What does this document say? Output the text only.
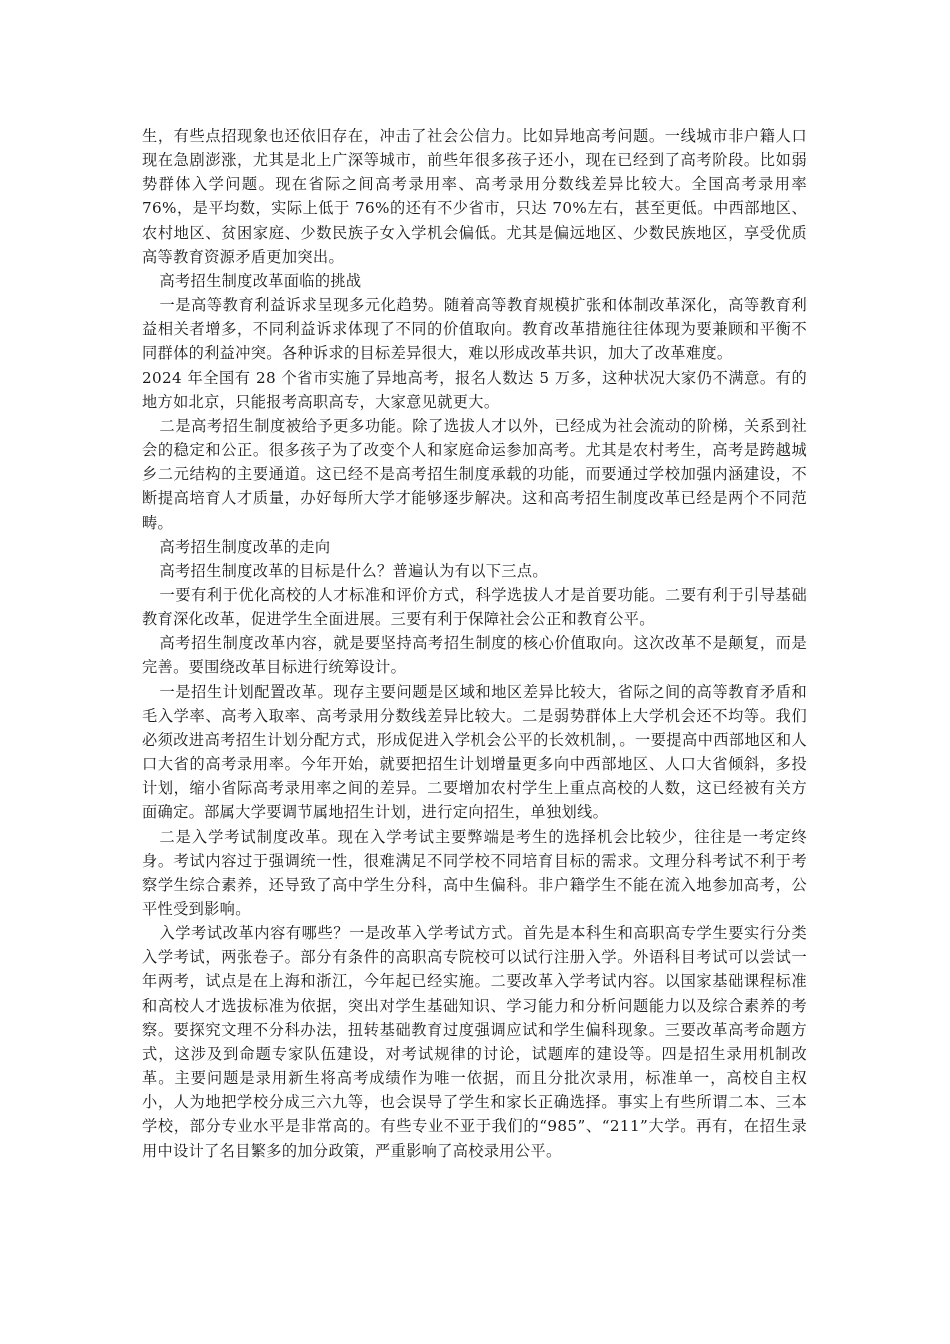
生，有些点招现象也还依旧存在，冲击了社会公信力。比如异地高考问题。一线城市非户籍人口现在急剧澎涨，尤其是北上广深等城市，前些年很多孩子还小，现在已经到了高考阶段。比如弱势群体入学问题。现在省际之间高考录用率、高考录用分数线差异比较大。全国高考录用率 76%，是平均数，实际上低于 76%的还有不少省市，只达 70%左右，甚至更低。中西部地区、农村地区、贫困家庭、少数民族子女入学机会偏低。尤其是偏远地区、少数民族地区，享受优质高等教育资源矛盾更加突出。

高考招生制度改革面临的挑战

一是高等教育利益诉求呈现多元化趋势。随着高等教育规模扩张和体制改革深化，高等教育利益相关者增多，不同利益诉求体现了不同的价值取向。教育改革措施往往体现为要兼顾和平衡不同群体的利益冲突。各种诉求的目标差异很大，难以形成改革共识，加大了改革难度。

2024 年全国有 28 个省市实施了异地高考，报名人数达 5 万多，这种状况大家仍不满意。有的地方如北京，只能报考高职高专，大家意见就更大。

二是高考招生制度被给予更多功能。除了选拔人才以外，已经成为社会流动的阶梯，关系到社会的稳定和公正。很多孩子为了改变个人和家庭命运参加高考。尤其是农村考生，高考是跨越城乡二元结构的主要通道。这已经不是高考招生制度承载的功能，而要通过学校加强内涵建设，不断提高培育人才质量，办好每所大学才能够逐步解决。这和高考招生制度改革已经是两个不同范畴。

高考招生制度改革的走向

高考招生制度改革的目标是什么？普遍认为有以下三点。

一要有利于优化高校的人才标准和评价方式，科学选拔人才是首要功能。二要有利于引导基础教育深化改革，促进学生全面进展。三要有利于保障社会公正和教育公平。

高考招生制度改革内容，就是要坚持高考招生制度的核心价值取向。这次改革不是颠复，而是完善。要围绕改革目标进行统筹设计。

一是招生计划配置改革。现存主要问题是区域和地区差异比较大，省际之间的高等教育矛盾和毛入学率、高考入取率、高考录用分数线差异比较大。二是弱势群体上大学机会还不均等。我们必须改进高考招生计划分配方式，形成促进入学机会公平的长效机制，。一要提高中西部地区和人口大省的高考录用率。今年开始，就要把招生计划增量更多向中西部地区、人口大省倾斜，多投计划，缩小省际高考录用率之间的差异。二要增加农村学生上重点高校的人数，这已经被有关方面确定。部属大学要调节属地招生计划，进行定向招生，单独划线。

二是入学考试制度改革。现在入学考试主要弊端是考生的选择机会比较少，往往是一考定终身。考试内容过于强调统一性，很难满足不同学校不同培育目标的需求。文理分科考试不利于考察学生综合素养，还导致了高中学生分科，高中生偏科。非户籍学生不能在流入地参加高考，公平性受到影响。

入学考试改革内容有哪些？一是改革入学考试方式。首先是本科生和高职高专学生要实行分类入学考试，两张卷子。部分有条件的高职高专院校可以试行注册入学。外语科目考试可以尝试一年两考，试点是在上海和浙江，今年起已经实施。二要改革入学考试内容。以国家基础课程标准和高校人才选拔标准为依据，突出对学生基础知识、学习能力和分析问题能力以及综合素养的考察。要探究文理不分科办法，扭转基础教育过度强调应试和学生偏科现象。三要改革高考命题方式，这涉及到命题专家队伍建设，对考试规律的讨论，试题库的建设等。四是招生录用机制改革。主要问题是录用新生将高考成绩作为唯一依据，而且分批次录用，标准单一，高校自主权小，人为地把学校分成三六九等，也会误导了学生和家长正确选择。事实上有些所谓二本、三本学校，部分专业水平是非常高的。有些专业不亚于我们的“985”、“211”大学。再有，在招生录用中设计了名目繁多的加分政策，严重影响了高校录用公平。
